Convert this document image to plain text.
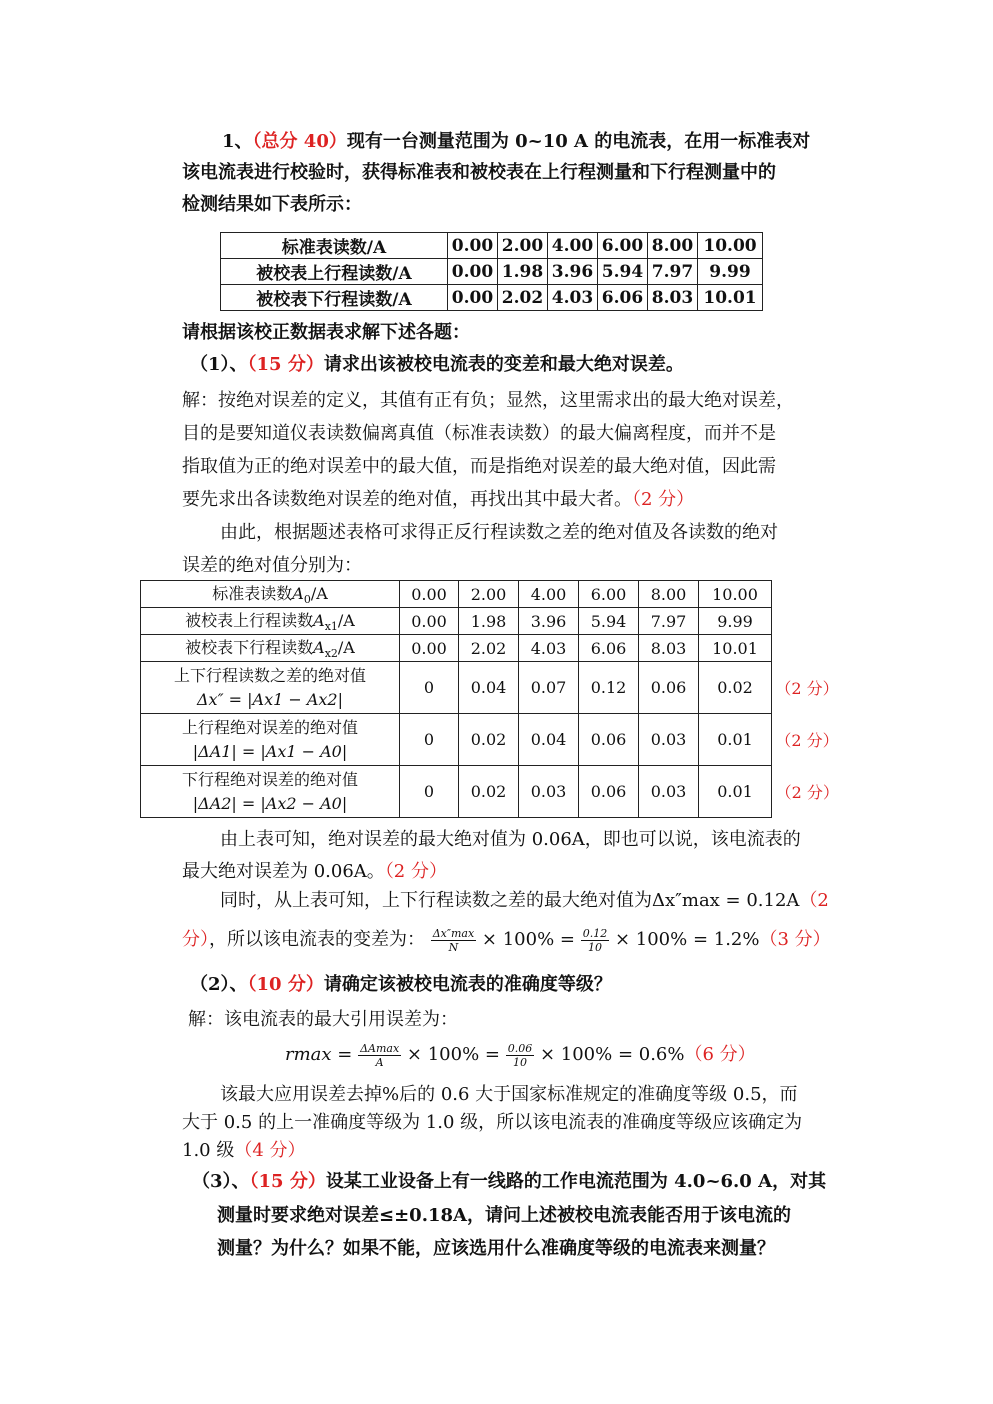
1、（总分 40）现有一台测量范围为 0~10 A 的电流表，在用一标准表对
该电流表进行校验时，获得标准表和被校表在上行程测量和下行程测量中的
检测结果如下表所示：
标准表读数/A	0.00	2.00	4.00	6.00	8.00	10.00
被校表上行程读数/A	0.00	1.98	3.96	5.94	7.97	9.99
被校表下行程读数/A	0.00	2.02	4.03	6.06	8.03	10.01
请根据该校正数据表求解下述各题：
（1）、（15 分）请求出该被校电流表的变差和最大绝对误差。
解：按绝对误差的定义，其值有正有负；显然，这里需求出的最大绝对误差，
目的是要知道仪表读数偏离真值（标准表读数）的最大偏离程度，而并不是
指取值为正的绝对误差中的最大值，而是指绝对误差的最大绝对值，因此需
要先求出各读数绝对误差的绝对值，再找出其中最大者。（2 分）
由此，根据题述表格可求得正反行程读数之差的绝对值及各读数的绝对
误差的绝对值分别为：
标准表读数$A_0/A$	0.00	2.00	4.00	6.00	8.00	10.00	
被校表上行程读数$A_{x1}/A$	0.00	1.98	3.96	5.94	7.97	9.99	
被校表下行程读数$A_{x2}/A$	0.00	2.02	4.03	6.06	8.03	10.01	

上下行程读数之差的绝对值
Δx″ = |Ax1 − Ax2|	0	0.04	0.07	0.12	0.06	0.02	（2 分）

上行程绝对误差的绝对值
|ΔA1| = |Ax1 − A0|	0	0.02	0.04	0.06	0.03	0.01	（2 分）

下行程绝对误差的绝对值
|ΔA2| = |Ax2 − A0|	0	0.02	0.03	0.06	0.03	0.01	（2 分）
由上表可知，绝对误差的最大绝对值为 0.06A，即也可以说，该电流表的
最大绝对误差为 0.06A。（2 分）
同时，从上表可知，上下行程读数之差的最大绝对值为Δx″max = 0.12A（2
分），所以该电流表的变差为： $\frac{\Delta x''\max}{N} \times 100\% = \frac{0.12}{10} \times 100\% = 1.2\%(3$ 分）
（2）、（10 分）请确定该被校电流表的准确度等级？
解：该电流表的最大引用误差为：
$rmax = \frac{\Delta Amax}{A} \times 100\% = \frac{0.06}{10} \times 100\% = 0.6\%(6$ 分）
该最大应用误差去掉%后的 0.6 大于国家标准规定的准确度等级 0.5，而
大于 0.5 的上一准确度等级为 1.0 级，所以该电流表的准确度等级应该确定为
1.0 级（4 分）
（3）、（15 分）设某工业设备上有一线路的工作电流范围为 4.0~6.0 A，对其
测量时要求绝对误差≤±0.18A，请问上述被校电流表能否用于该电流的
测量？为什么？如果不能，应该选用什么准确度等级的电流表来测量？
